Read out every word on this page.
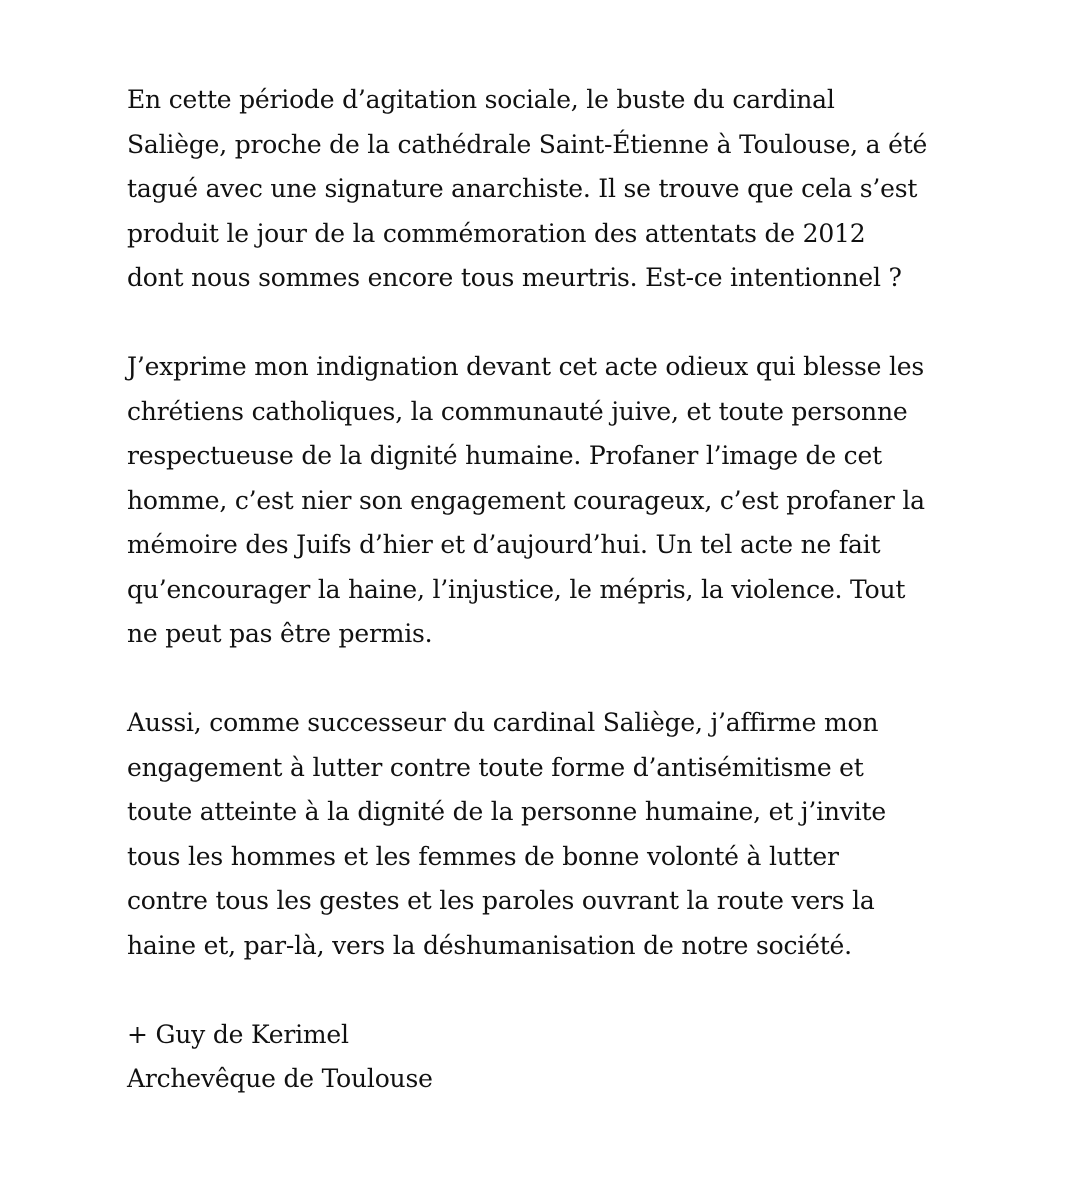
En cette période d’agitation sociale, le buste du cardinal
Saliège, proche de la cathédrale Saint-Étienne à Toulouse, a été
tagué avec une signature anarchiste. Il se trouve que cela s’est
produit le jour de la commémoration des attentats de 2012
dont nous sommes encore tous meurtris. Est-ce intentionnel ?

J’exprime mon indignation devant cet acte odieux qui blesse les
chrétiens catholiques, la communauté juive, et toute personne
respectueuse de la dignité humaine. Profaner l’image de cet
homme, c’est nier son engagement courageux, c’est profaner la
mémoire des Juifs d’hier et d’aujourd’hui. Un tel acte ne fait
qu’encourager la haine, l’injustice, le mépris, la violence. Tout
ne peut pas être permis.

Aussi, comme successeur du cardinal Saliège, j’affirme mon
engagement à lutter contre toute forme d’antisémitisme et
toute atteinte à la dignité de la personne humaine, et j’invite
tous les hommes et les femmes de bonne volonté à lutter
contre tous les gestes et les paroles ouvrant la route vers la
haine et, par-là, vers la déshumanisation de notre société.

+ Guy de Kerimel
Archevêque de Toulouse
